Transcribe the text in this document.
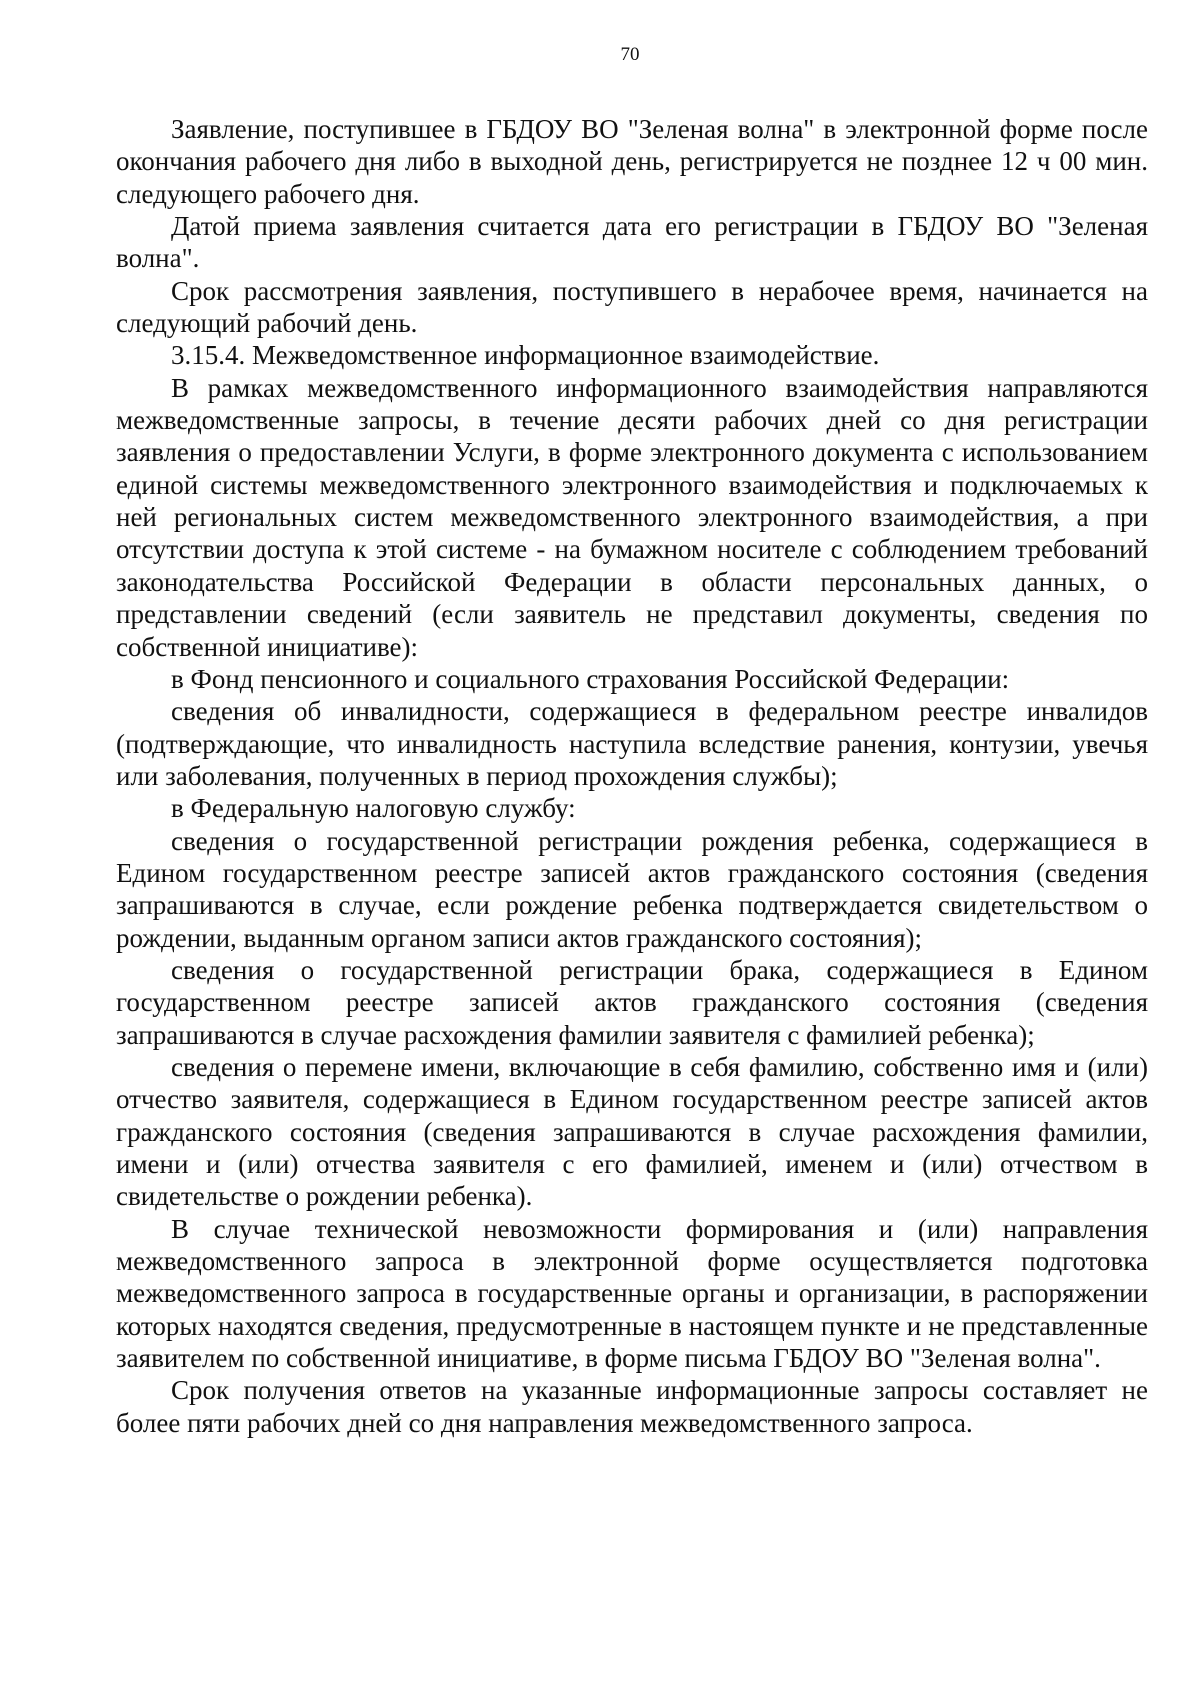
70

Заявление, поступившее в ГБДОУ ВО "Зеленая волна" в электронной форме после окончания рабочего дня либо в выходной день, регистрируется не позднее 12 ч 00 мин. следующего рабочего дня.

Датой приема заявления считается дата его регистрации в ГБДОУ ВО "Зеленая волна".

Срок рассмотрения заявления, поступившего в нерабочее время, начинается на следующий рабочий день.

3.15.4. Межведомственное информационное взаимодействие.

В рамках межведомственного информационного взаимодействия направляются межведомственные запросы, в течение десяти рабочих дней со дня регистрации заявления о предоставлении Услуги, в форме электронного документа с использованием единой системы межведомственного электронного взаимодействия и подключаемых к ней региональных систем межведомственного электронного взаимодействия, а при отсутствии доступа к этой системе - на бумажном носителе с соблюдением требований законодательства Российской Федерации в области персональных данных, о представлении сведений (если заявитель не представил документы, сведения по собственной инициативе):

в Фонд пенсионного и социального страхования Российской Федерации:

сведения об инвалидности, содержащиеся в федеральном реестре инвалидов (подтверждающие, что инвалидность наступила вследствие ранения, контузии, увечья или заболевания, полученных в период прохождения службы);

в Федеральную налоговую службу:

сведения о государственной регистрации рождения ребенка, содержащиеся в Едином государственном реестре записей актов гражданского состояния (сведения запрашиваются в случае, если рождение ребенка подтверждается свидетельством о рождении, выданным органом записи актов гражданского состояния);

сведения о государственной регистрации брака, содержащиеся в Едином государственном реестре записей актов гражданского состояния (сведения запрашиваются в случае расхождения фамилии заявителя с фамилией ребенка);

сведения о перемене имени, включающие в себя фамилию, собственно имя и (или) отчество заявителя, содержащиеся в Едином государственном реестре записей актов гражданского состояния (сведения запрашиваются в случае расхождения фамилии, имени и (или) отчества заявителя с его фамилией, именем и (или) отчеством в свидетельстве о рождении ребенка).

В случае технической невозможности формирования и (или) направления межведомственного запроса в электронной форме осуществляется подготовка межведомственного запроса в государственные органы и организации, в распоряжении которых находятся сведения, предусмотренные в настоящем пункте и не представленные заявителем по собственной инициативе, в форме письма ГБДОУ ВО "Зеленая волна".

Срок получения ответов на указанные информационные запросы составляет не более пяти рабочих дней со дня направления межведомственного запроса.
